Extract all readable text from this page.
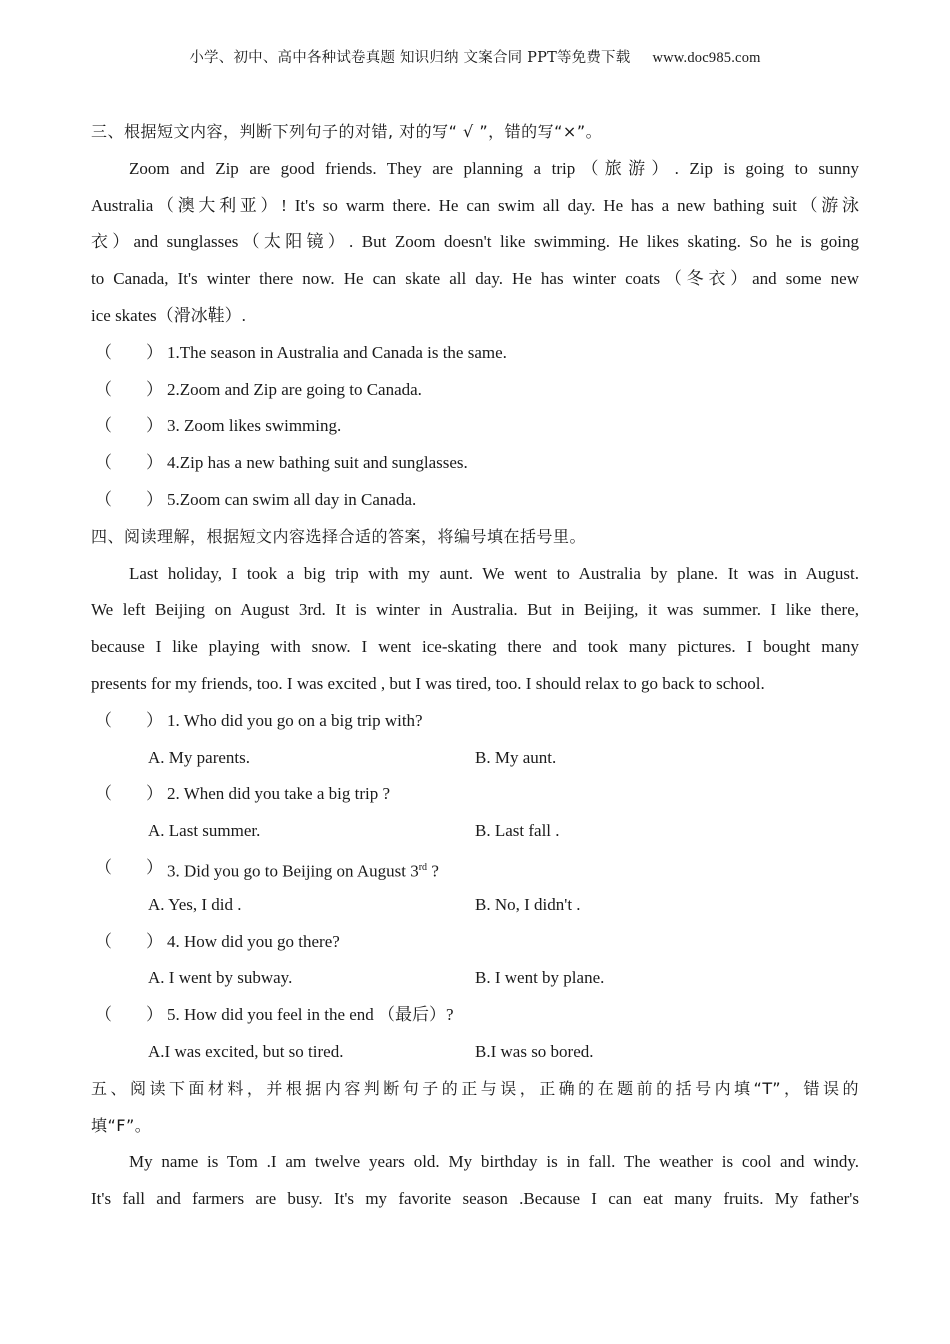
小学、初中、高中各种试卷真题 知识归纳 文案合同 PPT等免费下载 www.doc985.com
三、根据短文内容，判断下列句子的对错, 对的写“ √ ”，错的写“×”。
Zoom and Zip are good friends. They are planning a trip（旅游）. Zip is going to sunny
Australia（澳大利亚）! It's so warm there. He can swim all day. He has a new bathing suit（游泳
衣）and sunglasses（太阳镜）. But Zoom doesn't like swimming. He likes skating. So he is going
to Canada, It's winter there now. He can skate all day. He has winter coats（冬衣）and some new
ice skates（滑冰鞋）.
（ ） 1.The season in Australia and Canada is the same.
（ ） 2.Zoom and Zip are going to Canada.
（ ） 3. Zoom likes swimming.
（ ） 4.Zip has a new bathing suit and sunglasses.
（ ） 5.Zoom can swim all day in Canada.
四、阅读理解，根据短文内容选择合适的答案，将编号填在括号里。
Last holiday, I took a big trip with my aunt. We went to Australia by plane. It was in August.
We left Beijing on August 3rd. It is winter in Australia. But in Beijing, it was summer. I like there,
because I like playing with snow. I went ice-skating there and took many pictures. I bought many
presents for my friends, too. I was excited , but I was tired, too. I should relax to go back to school.
（ ） 1. Who did you go on a big trip with?
A. My parents.	B. My aunt.
（ ） 2. When did you take a big trip ?
A. Last summer.	B. Last fall .
（ ） 3. Did you go to Beijing on August 3rd ?
A. Yes, I did .	B. No, I didn't .
（ ） 4. How did you go there?
A. I went by subway.	B. I went by plane.
（ ） 5. How did you feel in the end （最后）?
A.I was excited, but so tired.	B.I was so bored.
五、阅读下面材料，并根据内容判断句子的正与误，正确的在题前的括号内填“T”，错误的
填“F”。
My name is Tom .I am twelve years old. My birthday is in fall. The weather is cool and windy.
It's fall and farmers are busy. It's my favorite season .Because I can eat many fruits. My father's
